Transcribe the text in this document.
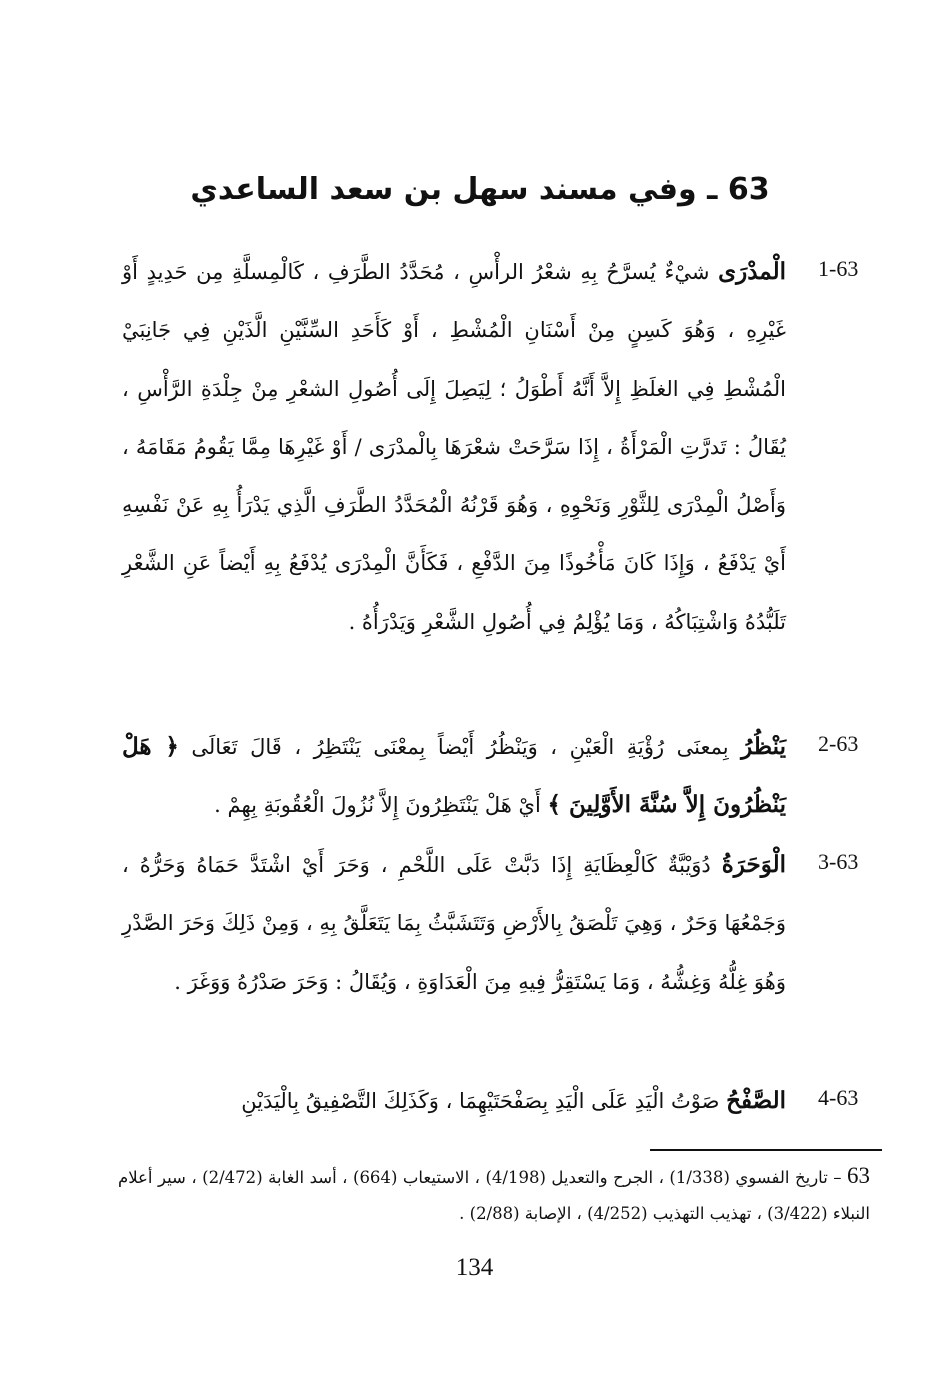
63 ـ وفي مسند سهل بن سعد الساعدي
1-63
الْمدْرَى شيْءٌ يُسرَّحُ بِهِ شعْرُ الرأْسِ ، مُحَدَّدُ الطَّرَفِ ، كَالْمِسلَّةِ مِن حَدِيدٍ أَوْ غَيْرِهِ ، وَهُوَ كَسِنٍ مِنْ أَسْنَانِ الْمُشْطِ ، أَوْ كَأَحَدِ السِّنَّيْنِ الَّذَيْنِ فِي جَانِبَيْ الْمُشْطِ فِي الغلَظِ إِلاَّ أَنَّهُ أَطْوَلُ ؛ لِيَصِلَ إِلَى أُصُولِ الشعْرِ مِنْ جِلْدَةِ الرَّأْسِ ، يُقَالُ : تَدرَّتِ الْمَرْأَةُ ، إِذَا سَرَّحَتْ شعْرَهَا بِالْمدْرَى / أَوْ غَيْرِهَا مِمَّا يَقُومُ مَقَامَهُ ، وَأَصْلُ الْمِدْرَى لِلثَّوْرِ وَنَحْوِهِ ، وَهُوَ قَرْنُهُ الْمُحَدَّدُ الطَّرَفِ الَّذِي يَدْرَأُ بِهِ عَنْ نَفْسِهِ أَيْ يَدْفَعُ ، وَإِذَا كَانَ مَأْخُوذًا مِنَ الدَّفْعِ ، فَكَأَنَّ الْمِدْرَى يُدْفَعُ بِهِ أَيْضاً عَنِ الشَّعْرِ تَلَبُّدُهُ وَاشْتِبَاكُهُ ، وَمَا يُؤْلِمُ فِي أُصُولِ الشَّعْرِ وَيَدْرَأُهُ .
2-63
يَنْظُرُ بِمعنَى رُؤْيَةِ الْعَيْنِ ، وَيَنْظُرُ أَيْضاً بِمعْنَى يَنْتَظِرُ ، قَالَ تَعَالَى ﴿ هَلْ يَنْظُرُونَ إِلاَّ سُنَّةَ الأَوَّلِينَ ﴾ أَيْ هَلْ يَنْتَظِرُونَ إِلاَّ نُزُولَ الْعُقُوبَةِ بِهِمْ .
3-63
الْوَحَرَةُ دُوَيْبَّةٌ كَالْعِظَايَةِ إِذَا دَبَّتْ عَلَى اللَّحْمِ ، وَحَرَ أَيْ اشْتَدَّ حَمَاهُ وَحَرُّهُ ، وَجَمْعُهَا وَحَرٌ ، وَهِيَ تَلْصَقُ بِالأَرْضِ وَتَتَشَبَّثُ بِمَا يَتَعَلَّقُ بِهِ ، وَمِنْ ذَلِكَ وَحَرَ الصَّدْرِ وَهُوَ غِلُّهُ وَغِشُّهُ ، وَمَا يَسْتَقِرُّ فِيهِ مِنَ الْعَدَاوَةِ ، وَيُقَالُ : وَحَرَ صَدْرُهُ وَوَغَرَ .
4-63
الصَّفْحُ صَوْتُ الْيَدِ عَلَى الْيَدِ بِصَفْحَتَيْهِمَا ، وَكَذَلِكَ التَّصْفِيقُ بِالْيَدَيْنِ
63 – تاريخ الفسوي (1/338) ، الجرح والتعديل (4/198) ، الاستيعاب (664) ، أسد الغابة (2/472) ، سير أعلام النبلاء (3/422) ، تهذيب التهذيب (4/252) ، الإصابة (2/88) .
134
